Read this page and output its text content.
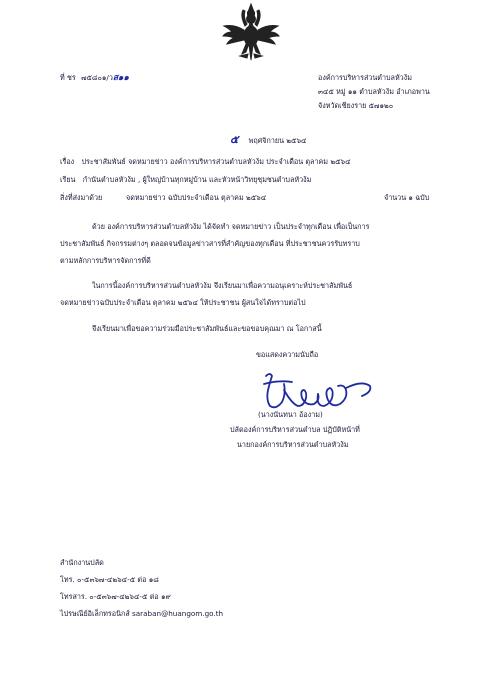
ที่ ชร ๗๕๘๐๑/วส๑๑	องค์การบริหารส่วนตำบลหัวง้ม
๓๔๕ หมู่ ๑๑ ตำบลหัวง้ม อำเภอพาน
จังหวัดเชียงราย ๕๗๑๒๐
๕ พฤศจิกายน ๒๕๖๔
เรื่อง ประชาสัมพันธ์ จดหมายข่าว องค์การบริหารส่วนตำบลหัวง้ม ประจำเดือน ตุลาคม ๒๕๖๔
เรียน กำนันตำบลหัวง้ม , ผู้ใหญ่บ้านทุกหมู่บ้าน และหัวหน้าวิทยุชุมชนตำบลหัวง้ม
สิ่งที่ส่งมาด้วย	จดหมายข่าว ฉบับประจำเดือน ตุลาคม ๒๕๖๔	จำนวน ๑ ฉบับ
ด้วย องค์การบริหารส่วนตำบลหัวง้ม ได้จัดทำ จดหมายข่าว เป็นประจำทุกเดือน เพื่อเป็นการ
ประชาสัมพันธ์ กิจกรรมต่างๆ ตลอดจนข้อมูลข่าวสารที่สำคัญของทุกเดือน ที่ประชาชนควรรับทราบ
ตามหลักการบริหารจัดการที่ดี
ในการนี้องค์การบริหารส่วนตำบลหัวง้ม จึงเรียนมาเพื่อความอนุเคราะห์ประชาสัมพันธ์
จดหมายข่าวฉบับประจำเดือน ตุลาคม ๒๕๖๔ ให้ประชาชน ผู้สนใจได้ทราบต่อไป
จึงเรียนมาเพื่อขอความร่วมมือประชาสัมพันธ์และขอขอบคุณมา ณ โอกาสนี้
ขอแสดงความนับถือ
(นางนันทนา อ้องาม)
ปลัดองค์การบริหารส่วนตำบล ปฏิบัติหน้าที่
นายกองค์การบริหารส่วนตำบลหัวง้ม
สำนักงานปลัด
โทร. ๐-๕๓๖๗-๔๒๖๔-๕ ต่อ ๑๘
โทรสาร. ๐-๕๓๖๗-๔๒๖๔-๕ ต่อ ๑๙
ไปรษณีย์อิเล็กทรอนิกส์ saraban@huangom.go.th
